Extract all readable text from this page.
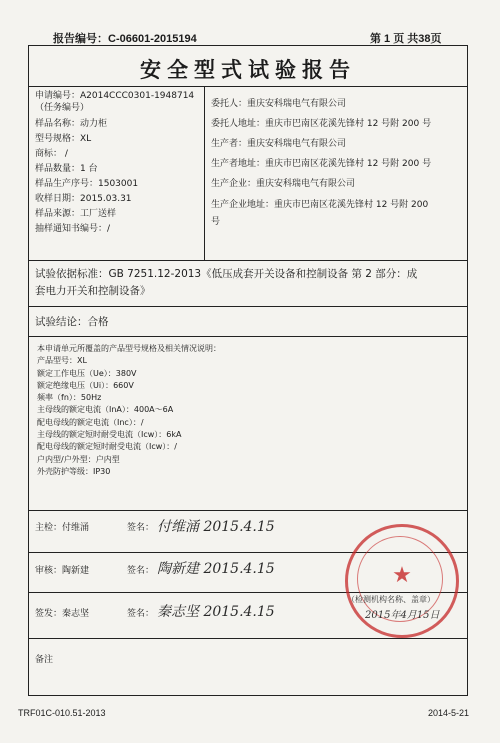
报告编号：C-06601-2015194	第 1 页 共38页
安全型式试验报告
申请编号：A2014CCC0301-1948714
（任务编号）
样品名称：动力柜
型号规格：XL
商标： /
样品数量：1 台
样品生产序号：1503001
收样日期：2015.03.31
样品来源：工厂送样
抽样通知书编号：/
委托人：重庆安科瑞电气有限公司
委托人地址：重庆市巴南区花溪先锋村 12 号附 200 号
生产者：重庆安科瑞电气有限公司
生产者地址：重庆市巴南区花溪先锋村 12 号附 200 号
生产企业：重庆安科瑞电气有限公司
生产企业地址：重庆市巴南区花溪先锋村 12 号附 200
号
试验依据标准：GB 7251.12-2013《低压成套开关设备和控制设备 第 2 部分：成
套电力开关和控制设备》
试验结论：合格
本申请单元所覆盖的产品型号规格及相关情况说明：
产品型号：XL
额定工作电压（Ue）：380V
额定绝缘电压（Ui）：660V
频率（fn）：50Hz
主母线的额定电流（InA）：400A～6A
配电母线的额定电流（Inc）：/
主母线的额定短时耐受电流（Icw）：6kA
配电母线的额定短时耐受电流（Icw）：/
户内型/户外型：户内型
外壳防护等级：IP30
主检：付维涌	签名： 付维涌 2015.4.15
审核：陶新建	签名： 陶新建 2015.4.15
签发：秦志坚	签名： 秦志坚 2015.4.15
★
（检测机构名称、盖章）
2015年4月15日
备注
TRF01C-010.51-2013	2014-5-21
